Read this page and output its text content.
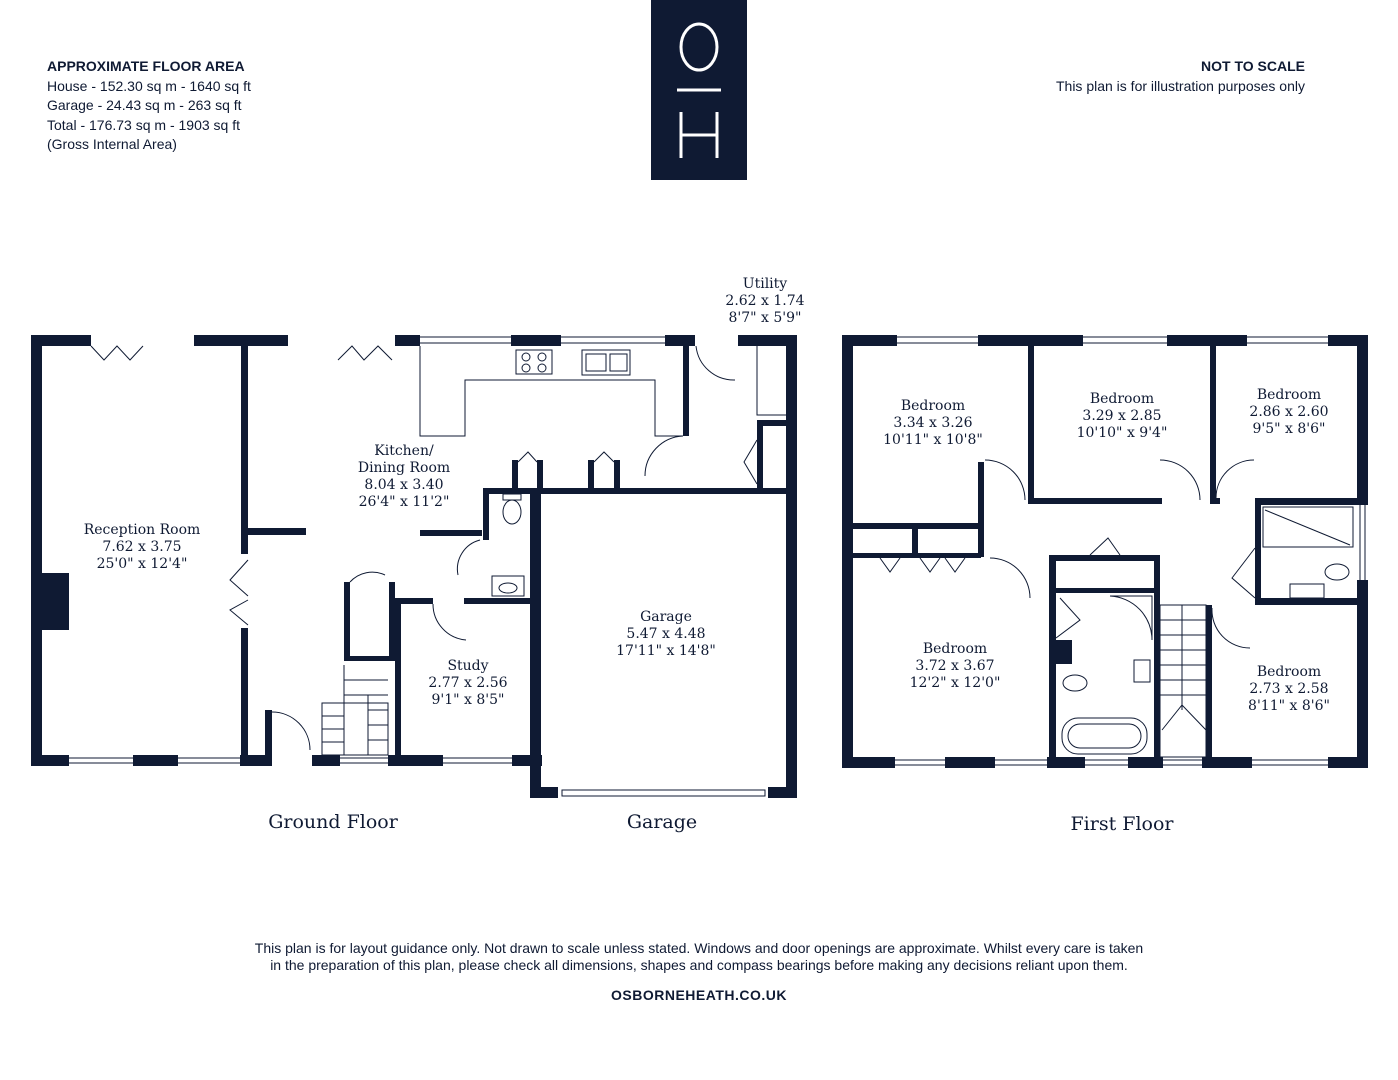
APPROXIMATE FLOOR AREA
House - 152.30 sq m - 1640 sq ft
Garage - 24.43 sq m - 263 sq ft
Total - 176.73 sq m - 1903 sq ft
(Gross Internal Area)
NOT TO SCALE
This plan is for illustration purposes only
Reception Room
7.62 x 3.75
25'0" x 12'4"
Kitchen/
Dining Room
8.04 x 3.40
26'4" x 11'2"
Utility
2.62 x 1.74
8'7" x 5'9"
Study
2.77 x 2.56
9'1" x 8'5"
Garage
5.47 x 4.48
17'11" x 14'8"
Bedroom
3.34 x 3.26
10'11" x 10'8"
Bedroom
3.29 x 2.85
10'10" x 9'4"
Bedroom
2.86 x 2.60
9'5" x 8'6"
Bedroom
3.72 x 3.67
12'2" x 12'0"
Bedroom
2.73 x 2.58
8'11" x 8'6"
Ground Floor	Garage	First Floor
This plan is for layout guidance only. Not drawn to scale unless stated. Windows and door openings are approximate. Whilst every care is taken
in the preparation of this plan, please check all dimensions, shapes and compass bearings before making any decisions reliant upon them.
OSBORNEHEATH.CO.UK
